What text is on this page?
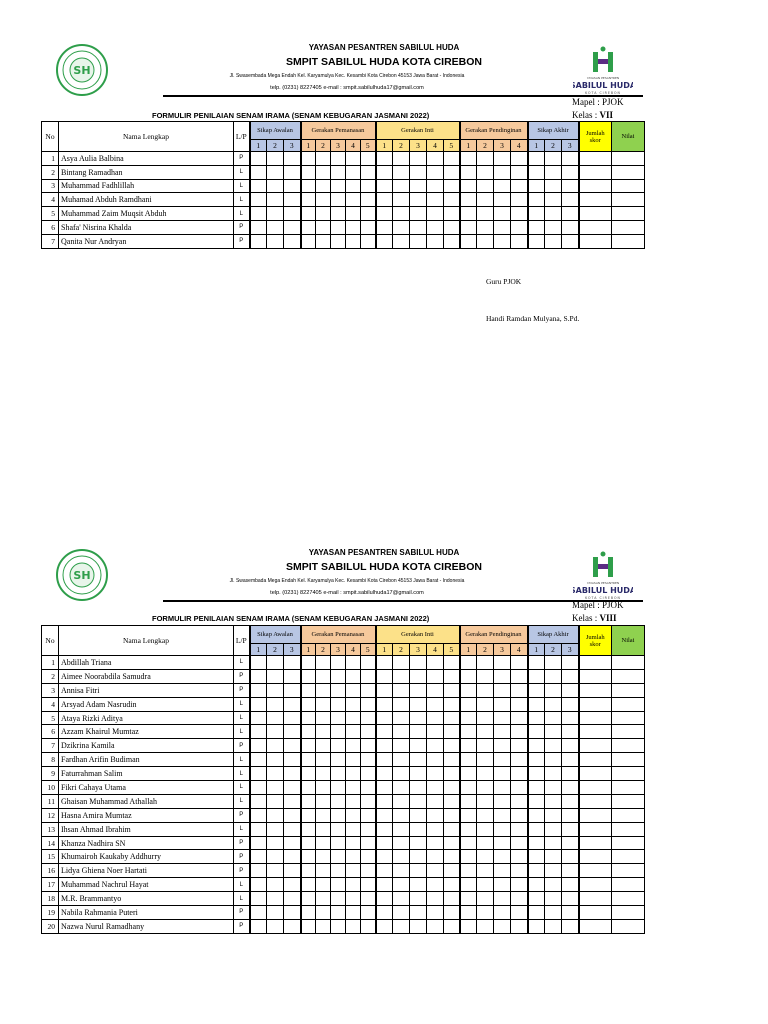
SH
YAYASAN PESANTREN SABILUL HUDA
SMPIT SABILUL HUDA KOTA CIREBON
Jl. Swasembada Mega Endah Kel. Karyamulya Kec. Kesambi Kota Cirebon 45153 Jawa Barat - Indonesia
telp. (0231) 8227405 e-mail : smpit.sabilulhuda17@gmail.com
YAYASAN PESANTREN
SABILUL HUDA
KOTA CIREBON
Mapel : PJOK
Kelas : VII
FORMULIR PENILAIAN SENAM IRAMA (SENAM KEBUGARAN JASMANI 2022)
No	Nama Lengkap	L/P	Sikap Awalan			Gerakan Pemanasan					Gerakan Inti					Gerakan Pendinginan				Sikap Akhir			Jumlah skor	Nilai
			1	2	3	1	2	3	4	5	1	2	3	4	5	1	2	3	4	1	2	3		
1	Asya Aulia Balbina	P																						
2	Bintang Ramadhan	L																						
3	Muhammad Fadhlillah	L																						
4	Muhamad Abduh Ramdhani	L																						
5	Muhammad Zaim Muqsit Abduh	L																						
6	Shafa' Nisrina Khalda	P																						
7	Qanita Nur Andryan	P																						
Guru PJOK
Handi Ramdan Mulyana, S.Pd.
SH
YAYASAN PESANTREN SABILUL HUDA
SMPIT SABILUL HUDA KOTA CIREBON
Jl. Swasembada Mega Endah Kel. Karyamulya Kec. Kesambi Kota Cirebon 45153 Jawa Barat - Indonesia
telp. (0231) 8227405 e-mail : smpit.sabilulhuda17@gmail.com
YAYASAN PESANTREN
SABILUL HUDA
KOTA CIREBON
Mapel : PJOK
Kelas : VIII
FORMULIR PENILAIAN SENAM IRAMA (SENAM KEBUGARAN JASMANI 2022)
No	Nama Lengkap	L/P	Sikap Awalan			Gerakan Pemanasan					Gerakan Inti					Gerakan Pendinginan				Sikap Akhir			Jumlah skor	Nilai
			1	2	3	1	2	3	4	5	1	2	3	4	5	1	2	3	4	1	2	3		
1	Abdillah Triana	L																						
2	Aimee Noorabdila Samudra	P																						
3	Annisa Fitri	P																						
4	Arsyad Adam Nasrudin	L																						
5	Ataya Rizki Aditya	L																						
6	Azzam Khairul Mumtaz	L																						
7	Dzikrina Kamila	P																						
8	Fardhan Arifin Budiman	L																						
9	Faturrahman Salim	L																						
10	Fikri Cahaya Utama	L																						
11	Ghaisan Muhammad Athallah	L																						
12	Hasna Amira Mumtaz	P																						
13	Ihsan Ahmad Ibrahim	L																						
14	Khanza Nadhira SN	P																						
15	Khumairoh Kaukaby Addhurry	P																						
16	Lidya Ghiena Noer Hartati	P																						
17	Muhammad Nachrul Hayat	L																						
18	M.R. Brammantyo	L																						
19	Nabila Rahmania Puteri	P																						
20	Nazwa Nurul Ramadhany	P																						
